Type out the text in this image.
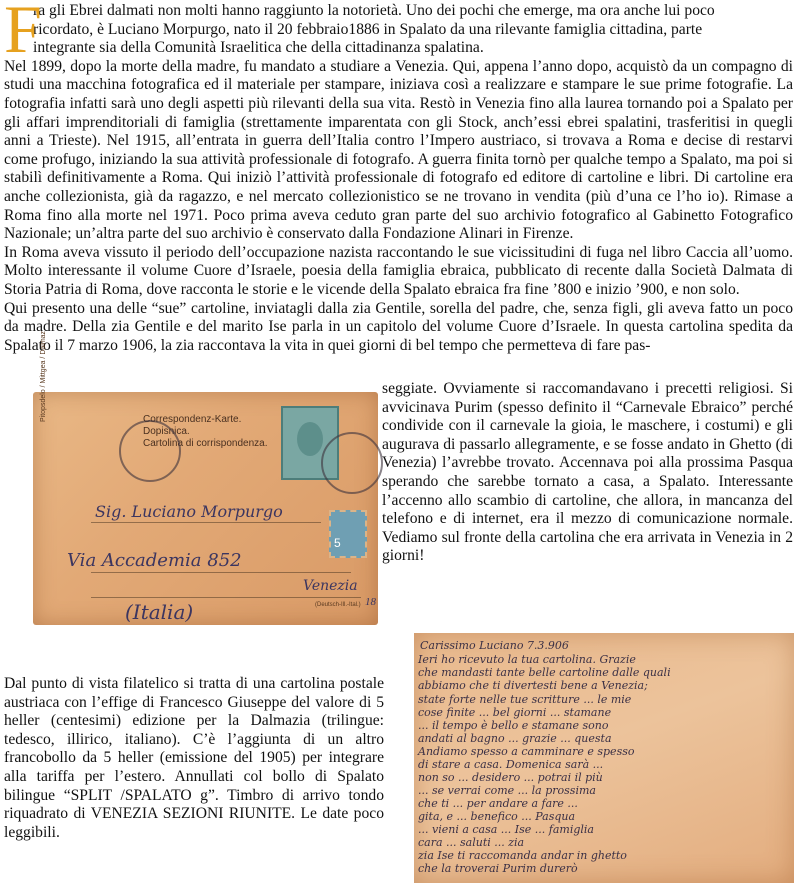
F
ra gli Ebrei dalmati non molti hanno raggiunto la notorietà. Uno dei pochi che emerge, ma ora anche lui poco
ricordato, è Luciano Morpurgo, nato il 20 febbraio1886 in Spalato da una rilevante famiglia cittadina, parte
integrante sia della Comunità Israelitica che della cittadinanza spalatina.

Nel 1899, dopo la morte della madre, fu mandato a studiare a Venezia. Qui, appena l’anno dopo, acquistò da un compagno di studi una macchina fotografica ed il materiale per stampare, iniziava così a realizzare e stampare le sue prime fotografie. La fotografia infatti sarà uno degli aspetti più rilevanti della sua vita. Restò in Venezia fino alla laurea tornando poi a Spalato per gli affari imprenditoriali di famiglia (strettamente imparentata con gli Stock, anch’essi ebrei spalatini, trasferitisi in quegli anni a Trieste). Nel 1915, all’entrata in guerra dell’Italia contro l’Impero austriaco, si trovava a Roma e decise di restarvi come profugo, iniziando la sua attività professionale di fotografo. A guerra finita tornò per qualche tempo a Spalato, ma poi si stabilì definitivamente a Roma. Qui iniziò l’attività professionale di fotografo ed editore di cartoline e libri. Di cartoline era anche collezionista, già da ragazzo, e nel mercato collezionistico se ne trovano in vendita (più d’una ce l’ho io). Rimase a Roma fino alla morte nel 1971. Poco prima aveva ceduto gran parte del suo archivio fotografico al Gabinetto Fotografico Nazionale; un’altra parte del suo archivio è conservato dalla Fondazione Alinari in Firenze.

In Roma aveva vissuto il periodo dell’occupazione nazista raccontando le sue vicissitudini di fuga nel libro Caccia all’uomo. Molto interessante il volume Cuore d’Israele, poesia della famiglia ebraica, pubblicato di recente dalla Società Dalmata di Storia Patria di Roma, dove racconta le storie e le vicende della Spalato ebraica fra fine ’800 e inizio ’900, e non solo.

Qui presento una delle “sue” cartoline, inviatagli dalla zia Gentile, sorella del padre, che, senza figli, gli aveva fatto un poco da madre. Della zia Gentile e del marito Ise parla in un capitolo del volume Cuore d’Israele. In questa cartolina spedita da Spalato il 7 marzo 1906, la zia raccontava la vita in quei giorni di bel tempo che permetteva di fare pas-

Pitopsdelo / Mittgea / Dalmaz	Correspondenz-Karte.
Dopisnica.
Cartolina di corrispondenza.
5
Sig. Luciano Morpurgo
Via Accademia 852
Venezia
(Italia)	(Deutsch-Ill.-Ital.) 18
seggiate. Ovviamente si raccomandavano i precetti religiosi. Si avvicinava Purim (spesso definito il “Carnevale Ebraico” perché condivide con il carnevale la gioia, le maschere, i costumi) e gli augurava di passarlo allegramente, e se fosse andato in Ghetto (di Venezia) l’avrebbe trovato. Accennava poi alla prossima Pasqua sperando che sarebbe tornato a casa, a Spalato. Interessante l’accenno allo scambio di cartoline, che allora, in mancanza del telefono e di internet, era il mezzo di comunicazione normale. Vediamo sul fronte della cartolina che era arrivata in Venezia in 2 giorni!
Dal punto di vista filatelico si tratta di una cartolina postale austriaca con l’effige di Francesco Giuseppe del valore di 5 heller (centesimi) edizione per la Dalmazia (trilingue: tedesco, illirico, italiano). C’è l’aggiunta di un altro francobollo da 5 heller (emissione del 1905) per integrare alla tariffa per l’estero. Annullati col bollo di Spalato bilingue “SPLIT /SPALATO g”. Timbro di arrivo tondo riquadrato di VENEZIA SEZIONI RIUNITE. Le date poco leggibili.
Carissimo Luciano 7.3.906
Ieri ho ricevuto la tua cartolina. Grazie
che mandasti tante belle cartoline dalle quali
abbiamo che ti divertesti bene a Venezia;
state forte nelle tue scritture ... le mie
cose finite ... bel giorni ... stamane
... il tempo è bello e stamane sono
andati al bagno ... grazie ... questa
Andiamo spesso a camminare e spesso
di stare a casa. Domenica sarà ...
non so ... desidero ... potrai il più
... se verrai come ... la prossima
che ti ... per andare a fare ...
gita, e ... benefico ... Pasqua
... vieni a casa ... Ise ... famiglia
cara ... saluti ... zia
zia Ise ti raccomanda andar in ghetto
che la troverai Purim durerò
